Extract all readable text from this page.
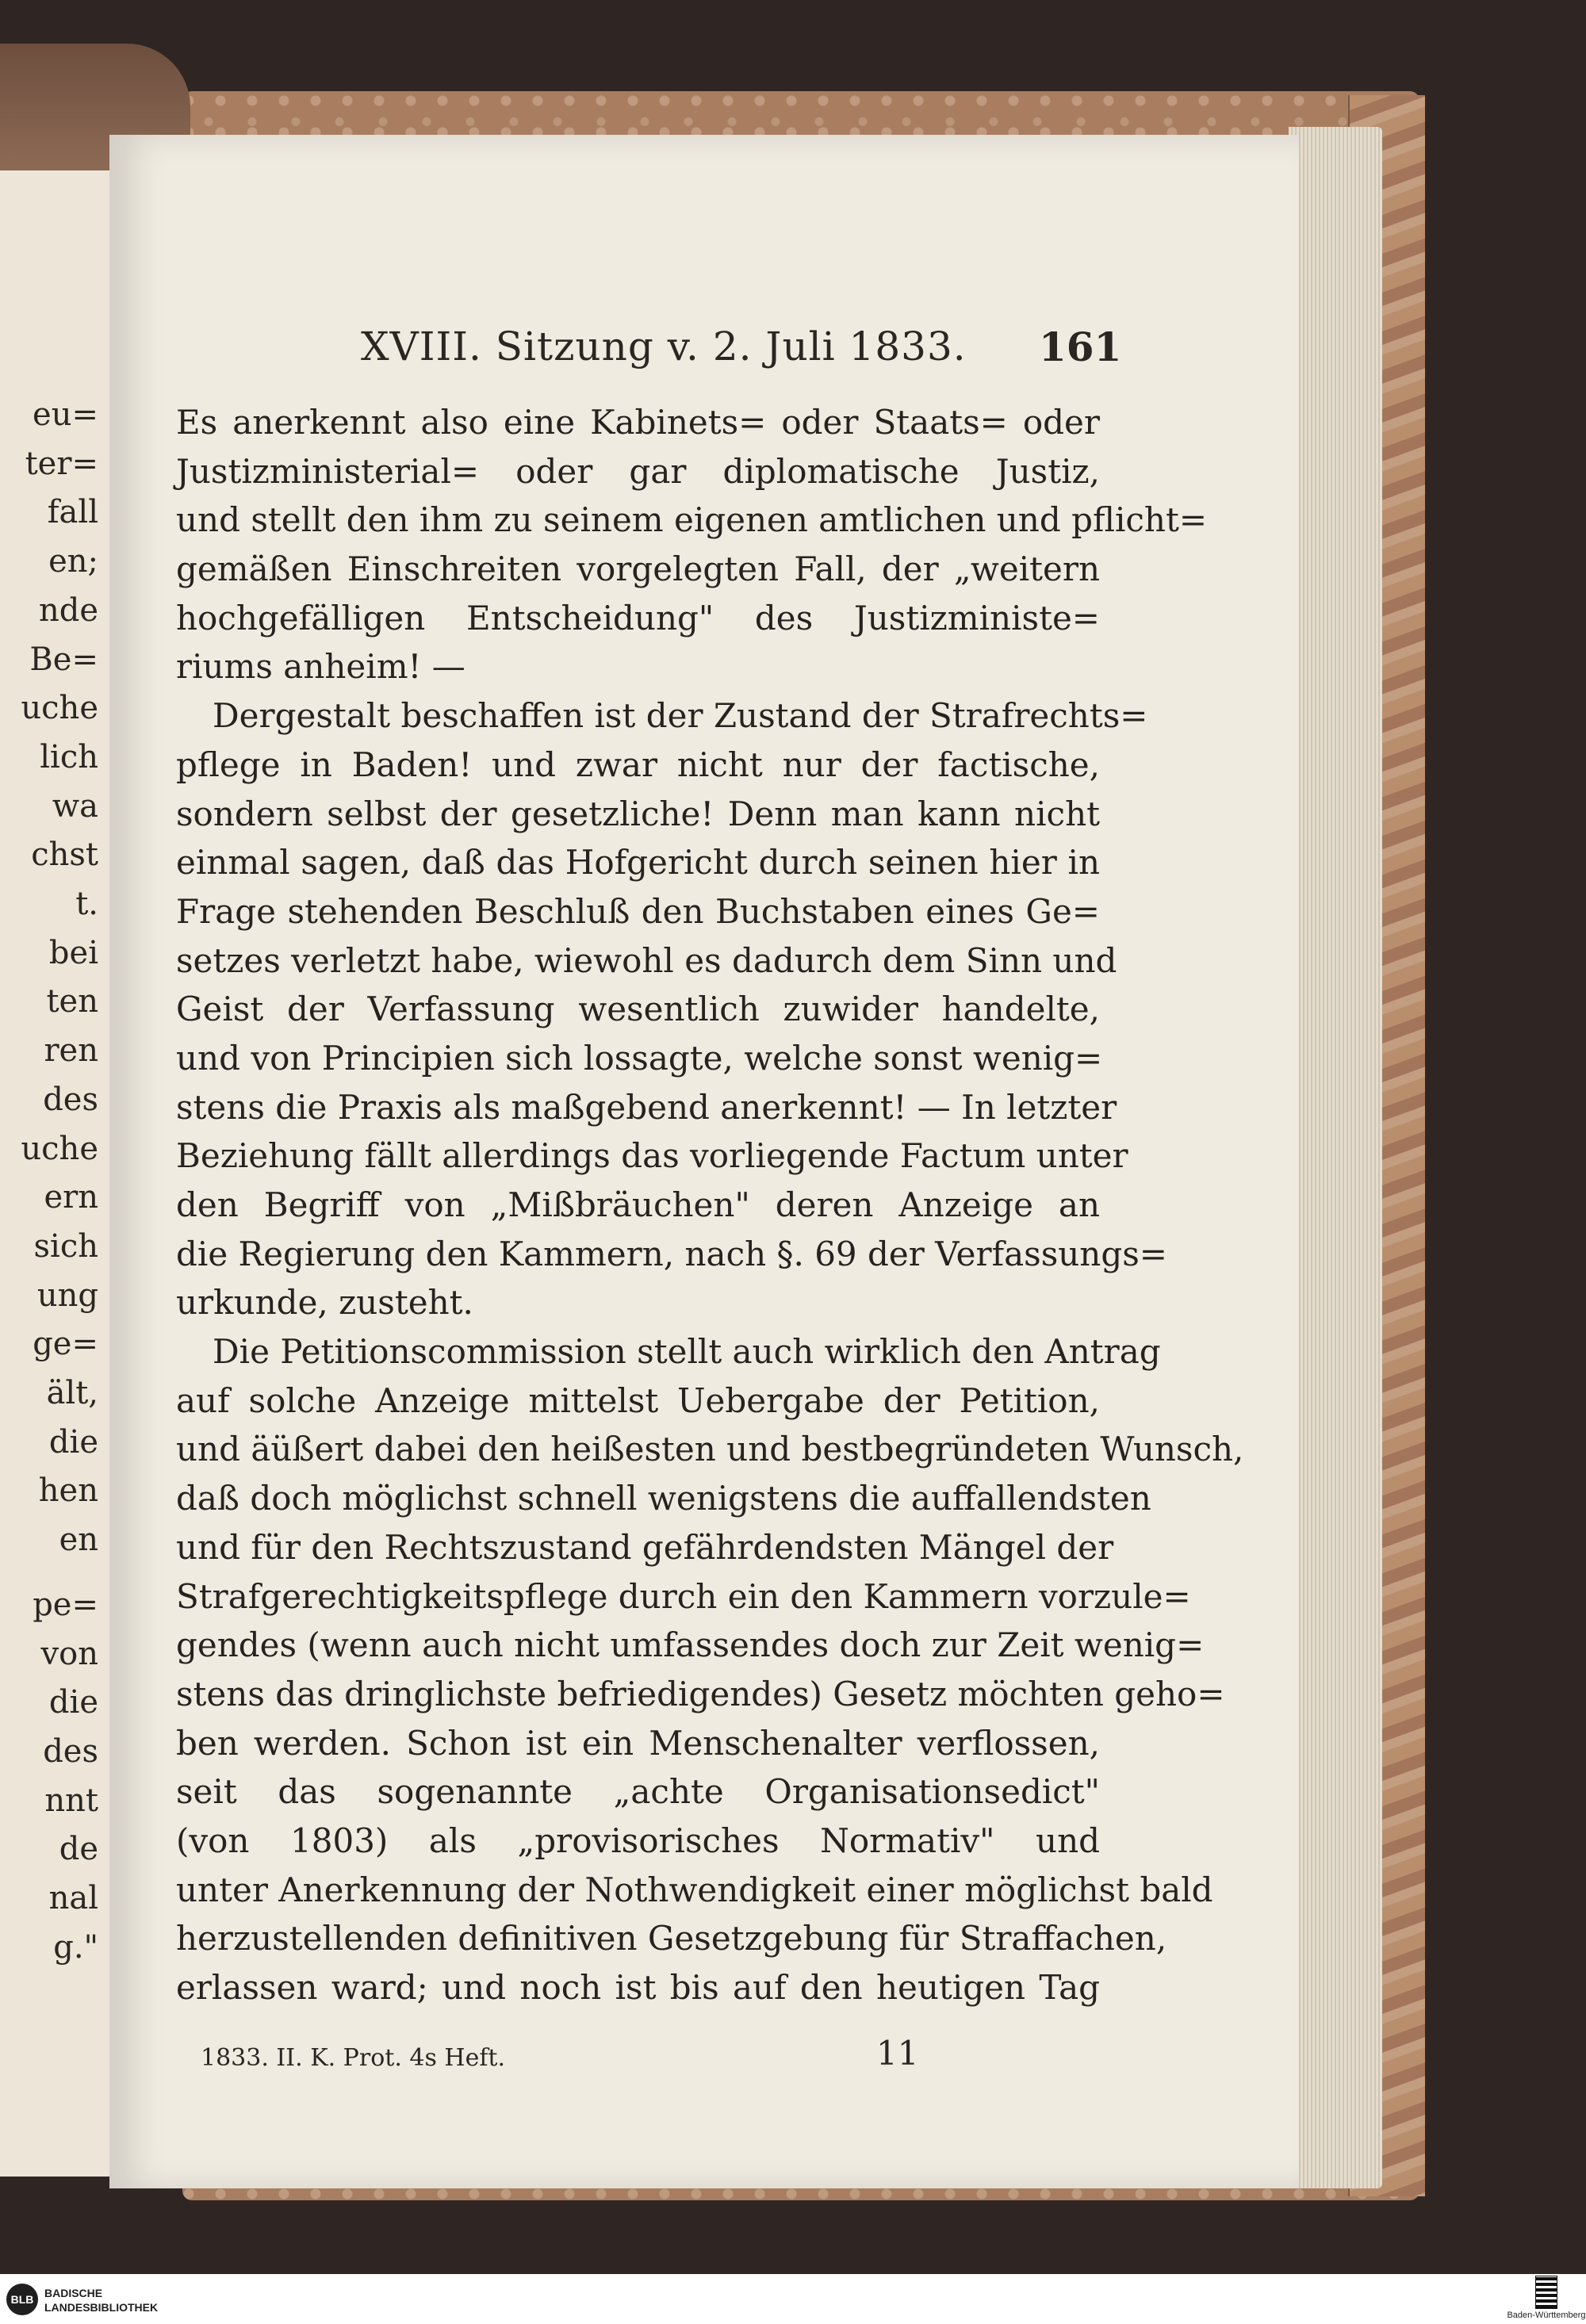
eu=
ter=
fall
en;
nde
Be=
uche
lich
wa
chst
t.
bei
ten
ren
des
uche
ern
sich
ung
ge=
ält,
die
hen
en
pe=
von
die
des
nnt
de
nal
g."
XVIII. Sitzung v. 2. Juli 1833. 161
Es anerkennt also eine Kabinets= oder Staats= oder
Justizministerial= oder gar diplomatische Justiz,
und stellt den ihm zu seinem eigenen amtlichen und pflicht=
gemäßen Einschreiten vorgelegten Fall, der „weitern
hochgefälligen Entscheidung" des Justizministe=
riums anheim! —
Dergestalt beschaffen ist der Zustand der Strafrechts=
pflege in Baden! und zwar nicht nur der factische,
sondern selbst der gesetzliche! Denn man kann nicht
einmal sagen, daß das Hofgericht durch seinen hier in
Frage stehenden Beschluß den Buchstaben eines Ge=
setzes verletzt habe, wiewohl es dadurch dem Sinn und
Geist der Verfassung wesentlich zuwider handelte,
und von Principien sich lossagte, welche sonst wenig=
stens die Praxis als maßgebend anerkennt! — In letzter
Beziehung fällt allerdings das vorliegende Factum unter
den Begriff von „Mißbräuchen" deren Anzeige an
die Regierung den Kammern, nach §. 69 der Verfassungs=
urkunde, zusteht.
Die Petitionscommission stellt auch wirklich den Antrag
auf solche Anzeige mittelst Uebergabe der Petition,
und äüßert dabei den heißesten und bestbegründeten Wunsch,
daß doch möglichst schnell wenigstens die auffallendsten
und für den Rechtszustand gefährdendsten Mängel der
Strafgerechtigkeitspflege durch ein den Kammern vorzule=
gendes (wenn auch nicht umfassendes doch zur Zeit wenig=
stens das dringlichste befriedigendes) Gesetz möchten geho=
ben werden. Schon ist ein Menschenalter verflossen,
seit das sogenannte „achte Organisationsedict"
(von 1803) als „provisorisches Normativ" und
unter Anerkennung der Nothwendigkeit einer möglichst bald
herzustellenden definitiven Gesetzgebung für Straffachen,
erlassen ward; und noch ist bis auf den heutigen Tag
1833. II. K. Prot. 4s Heft.	11
BLB BADISCHE
LANDESBIBLIOTHEK
Baden-Württemberg
